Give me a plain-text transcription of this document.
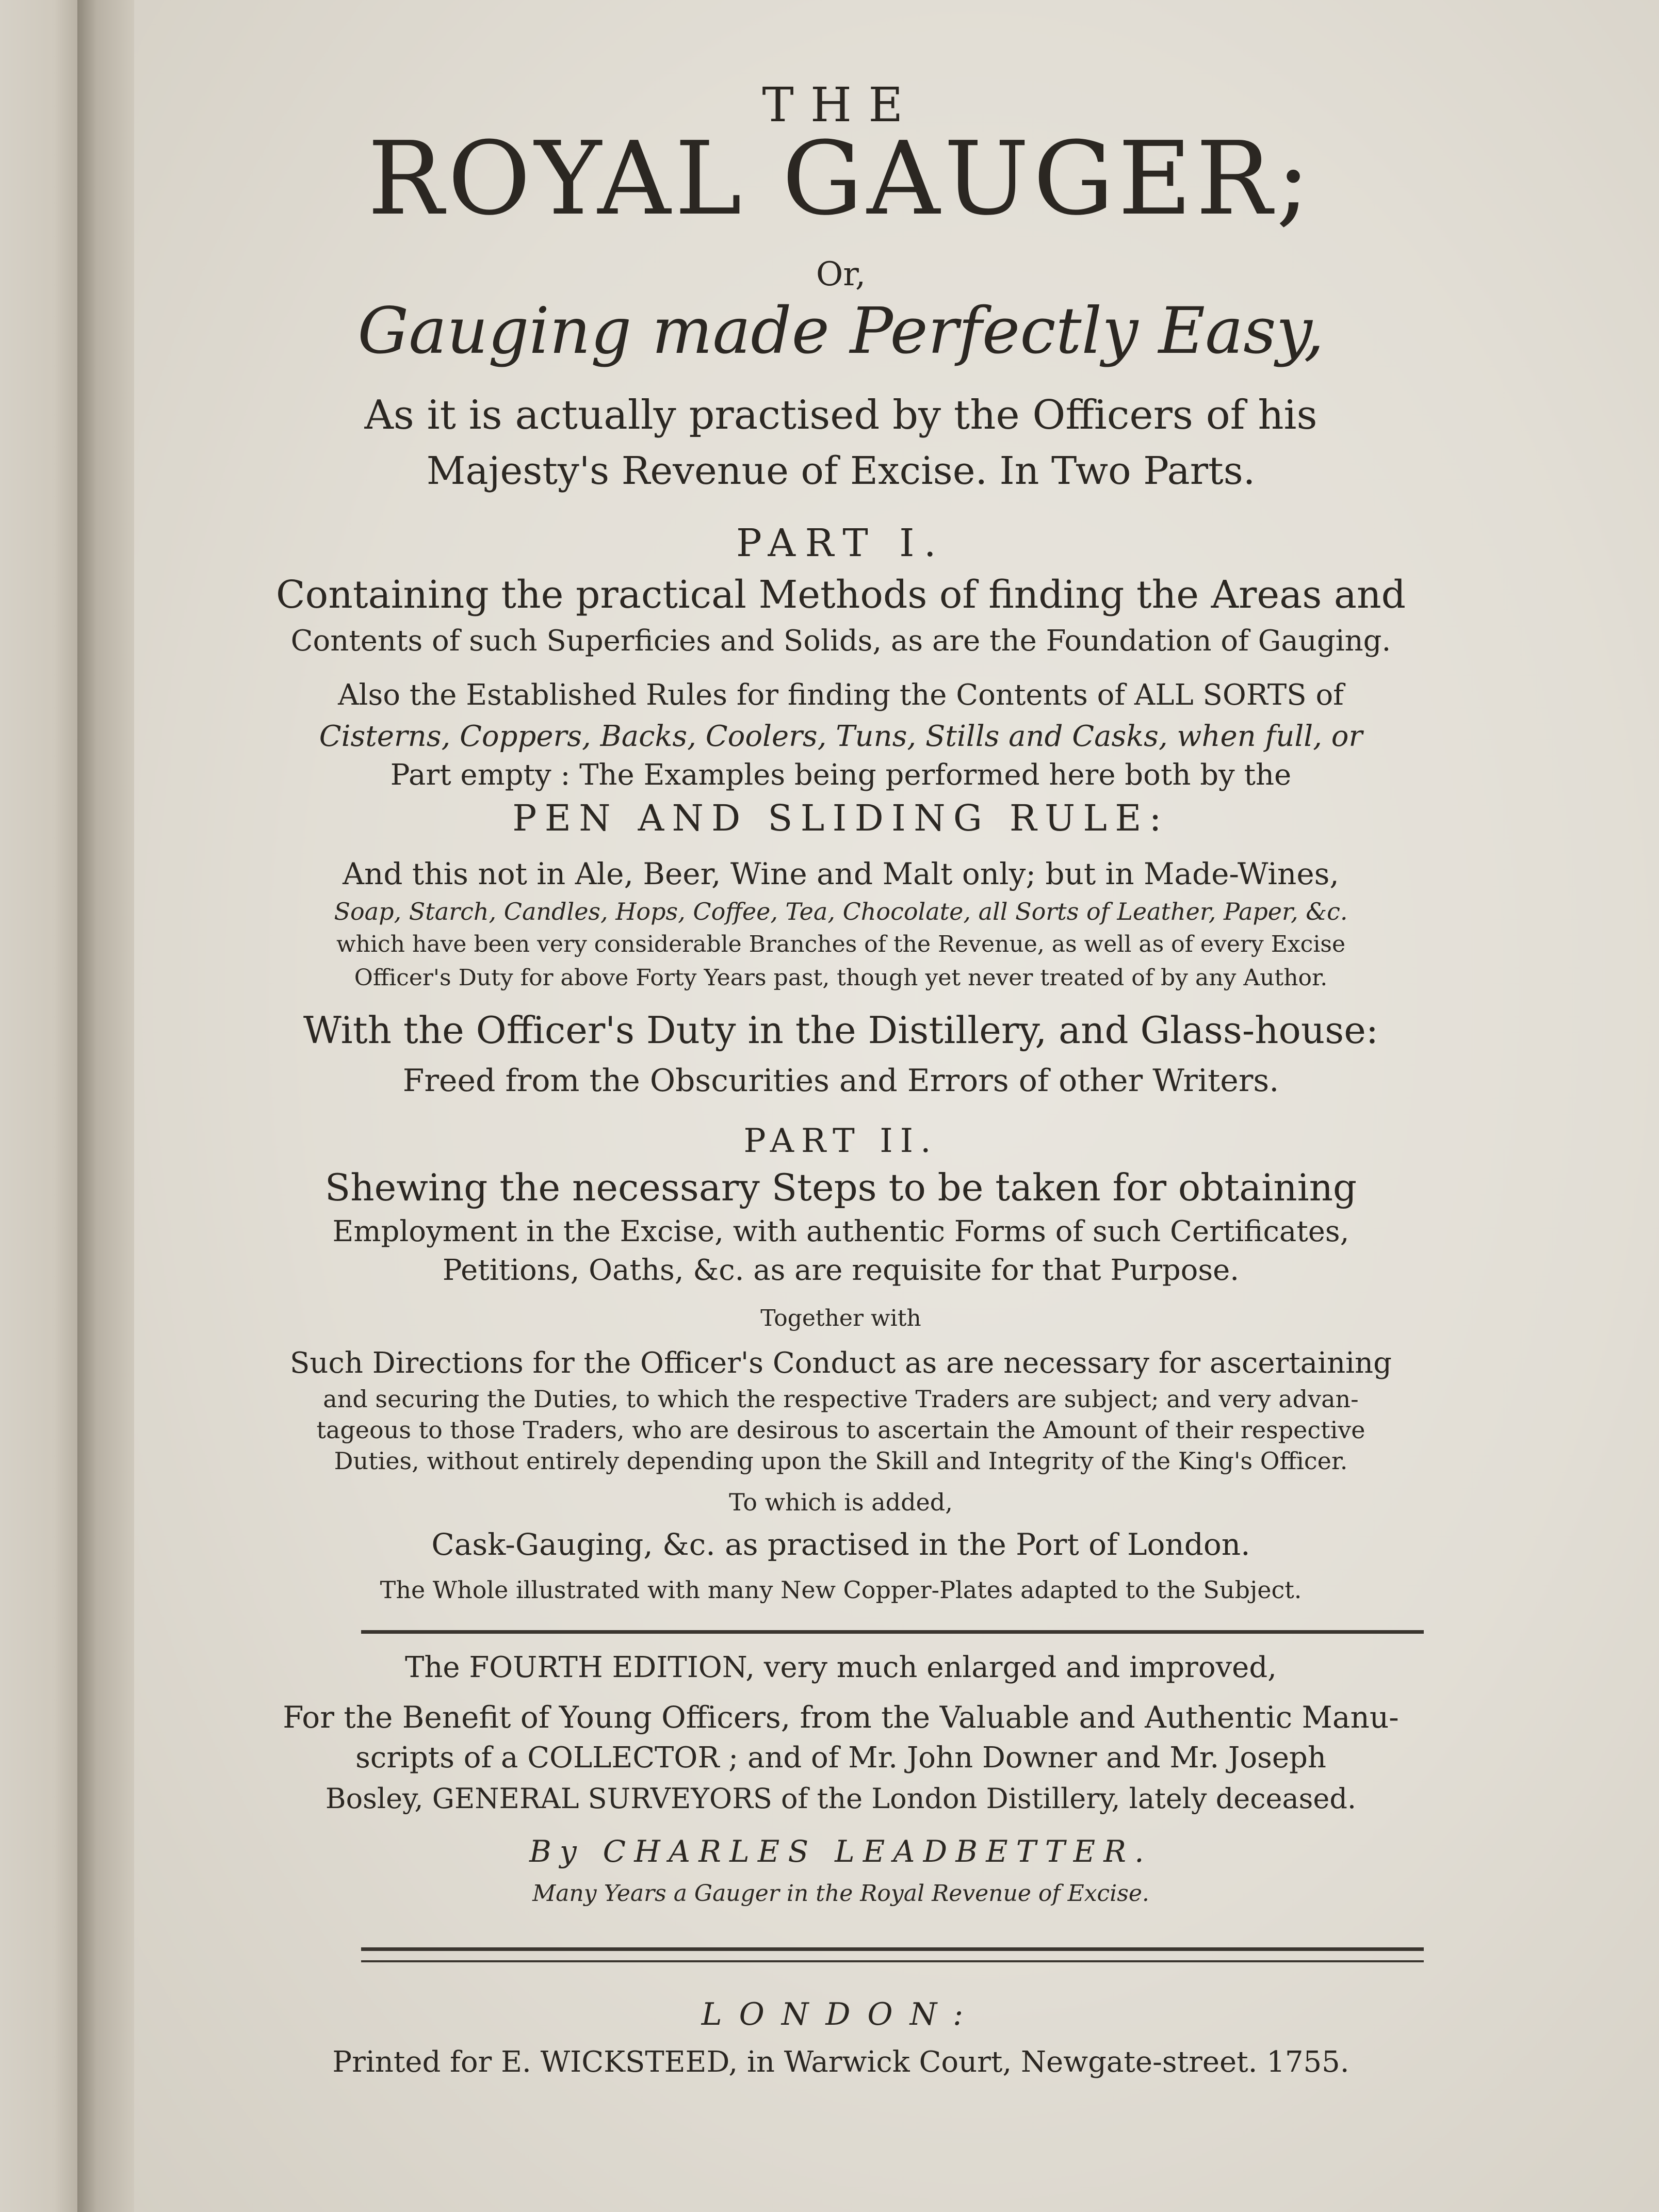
THE
ROYAL GAUGER;
Or,
Gauging made Perfectly Easy,
As it is actually practised by the Officers of his
Majesty's Revenue of Excise. In Two Parts.
PART I.
Containing the practical Methods of finding the Areas and
Contents of such Superficies and Solids, as are the Foundation of Gauging.
Also the Established Rules for finding the Contents of ALL SORTS of
Cisterns, Coppers, Backs, Coolers, Tuns, Stills and Casks, when full, or
Part empty : The Examples being performed here both by the
PEN AND SLIDING RULE:
And this not in Ale, Beer, Wine and Malt only; but in Made-Wines,
Soap, Starch, Candles, Hops, Coffee, Tea, Chocolate, all Sorts of Leather, Paper, &c.
which have been very considerable Branches of the Revenue, as well as of every Excise
Officer's Duty for above Forty Years past, though yet never treated of by any Author.
With the Officer's Duty in the Distillery, and Glass-house:
Freed from the Obscurities and Errors of other Writers.
PART II.
Shewing the necessary Steps to be taken for obtaining
Employment in the Excise, with authentic Forms of such Certificates,
Petitions, Oaths, &c. as are requisite for that Purpose.
Together with
Such Directions for the Officer's Conduct as are necessary for ascertaining
and securing the Duties, to which the respective Traders are subject; and very advan-
tageous to those Traders, who are desirous to ascertain the Amount of their respective
Duties, without entirely depending upon the Skill and Integrity of the King's Officer.
To which is added,
Cask-Gauging, &c. as practised in the Port of London.
The Whole illustrated with many New Copper-Plates adapted to the Subject.
The FOURTH EDITION, very much enlarged and improved,
For the Benefit of Young Officers, from the Valuable and Authentic Manu-
scripts of a COLLECTOR ; and of Mr. John Downer and Mr. Joseph
Bosley, GENERAL SURVEYORS of the London Distillery, lately deceased.
By CHARLES LEADBETTER.
Many Years a Gauger in the Royal Revenue of Excise.
LONDON:
Printed for E. WICKSTEED, in Warwick Court, Newgate-street. 1755.
